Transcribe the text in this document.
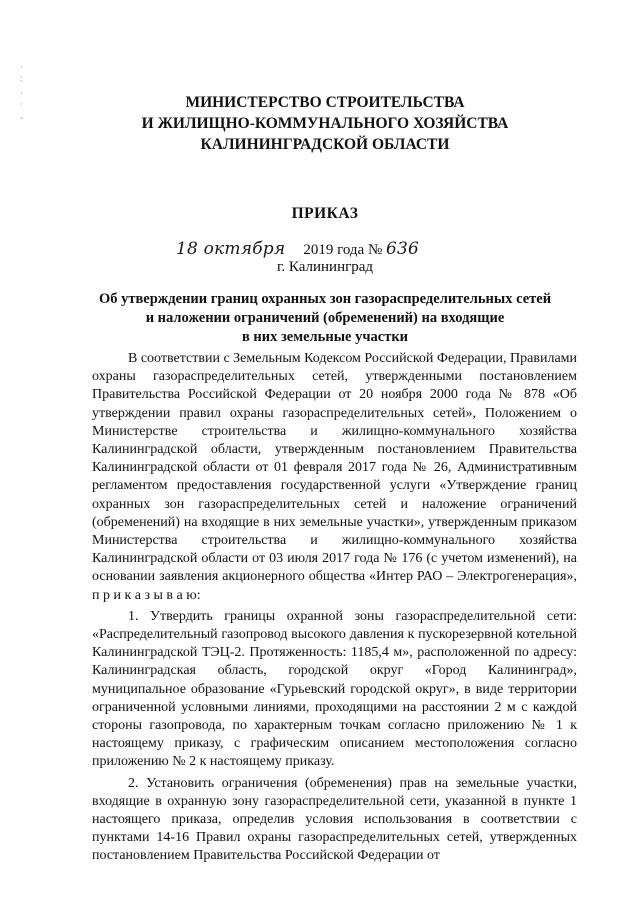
·
:
·
·
ˇ
МИНИСТЕРСТВО СТРОИТЕЛЬСТВА
И ЖИЛИЩНО-КОММУНАЛЬНОГО ХОЗЯЙСТВА
КАЛИНИНГРАДСКОЙ ОБЛАСТИ
ПРИКАЗ
18 октября 2019 года № 636
г. Калининград
Об утверждении границ охранных зон газораспределительных сетей
и наложении ограничений (обременений) на входящие
в них земельные участки

В соответствии с Земельным Кодексом Российской Федерации, Правилами охраны газораспределительных сетей, утвержденными постановлением Правительства Российской Федерации от 20 ноября 2000 года № 878 «Об утверждении правил охраны газораспределительных сетей», Положением о Министерстве строительства и жилищно-коммунального хозяйства Калининградской области, утвержденным постановлением Правительства Калининградской области от 01 февраля 2017 года № 26, Административным регламентом предоставления государственной услуги «Утверждение границ охранных зон газораспределительных сетей и наложение ограничений (обременений) на входящие в них земельные участки», утвержденным приказом Министерства строительства и жилищно-коммунального хозяйства Калининградской области от 03 июля 2017 года № 176 (с учетом изменений), на основании заявления акционерного общества «Интер РАО – Электрогенерация», п р и к а з ы в а ю:

1. Утвердить границы охранной зоны газораспределительной сети: «Распределительный газопровод высокого давления к пускорезервной котельной Калининградской ТЭЦ-2. Протяженность: 1185,4 м», расположенной по адресу: Калининградская область, городской округ «Город Калининград», муниципальное образование «Гурьевский городской округ», в виде территории ограниченной условными линиями, проходящими на расстоянии 2 м с каждой стороны газопровода, по характерным точкам согласно приложению № 1 к настоящему приказу, с графическим описанием местоположения согласно приложению № 2 к настоящему приказу.

2. Установить ограничения (обременения) прав на земельные участки, входящие в охранную зону газораспределительной сети, указанной в пункте 1 настоящего приказа, определив условия использования в соответствии с пунктами 14-16 Правил охраны газораспределительных сетей, утвержденных постановлением Правительства Российской Федерации от
